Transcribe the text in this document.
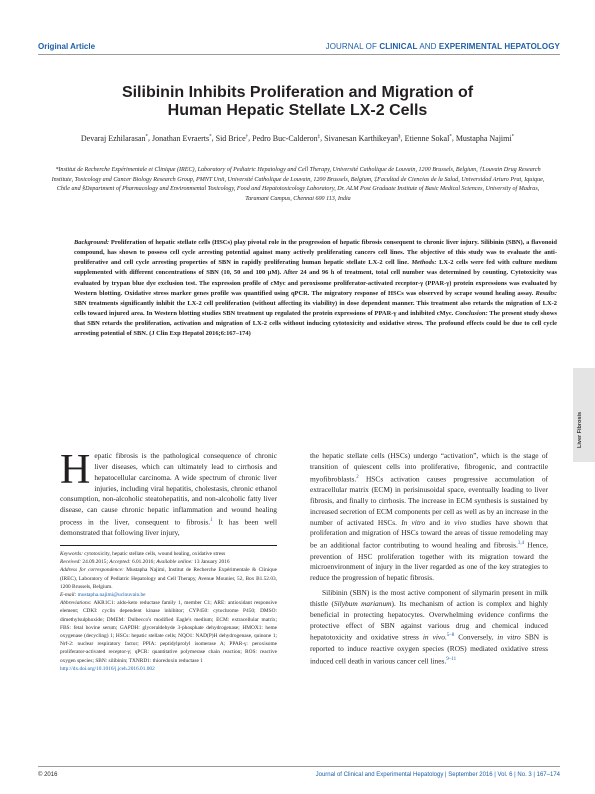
Original Article	JOURNAL OF CLINICAL AND EXPERIMENTAL HEPATOLOGY
Silibinin Inhibits Proliferation and Migration of
Human Hepatic Stellate LX-2 Cells
Devaraj Ezhilarasan*, Jonathan Evraerts*, Sid Brice†, Pedro Buc-Calderon‡, Sivanesan Karthikeyan§, Etienne Sokal*, Mustapha Najimi*
*Institut de Recherche Expérimentale et Clinique (IREC), Laboratory of Pediatric Hepatology and Cell Therapy, Université Catholique de Louvain, 1200 Brussels, Belgium, †Louvain Drug Research Institute, Toxicology and Cancer Biology Research Group, PMNT Unit, Université Catholique de Louvain, 1200 Brussels, Belgium, ‡Facultad de Ciencias de la Salud, Universidad Arturo Prat, Iquique, Chile and §Department of Pharmacology and Environmental Toxicology, Food and Hepatotoxicology Laboratory, Dr. ALM Post Graduate Institute of Basic Medical Sciences, University of Madras, Taramani Campus, Chennai 600 113, India
Background: Proliferation of hepatic stellate cells (HSCs) play pivotal role in the progression of hepatic fibrosis consequent to chronic liver injury. Silibinin (SBN), a flavonoid compound, has shown to possess cell cycle arresting potential against many actively proliferating cancers cell lines. The objective of this study was to evaluate the anti-proliferative and cell cycle arresting properties of SBN in rapidly proliferating human hepatic stellate LX-2 cell line. Methods: LX-2 cells were fed with culture medium supplemented with different concentrations of SBN (10, 50 and 100 μM). After 24 and 96 h of treatment, total cell number was determined by counting. Cytotoxicity was evaluated by trypan blue dye exclusion test. The expression profile of cMyc and peroxisome proliferator-activated receptor-γ (PPAR-γ) protein expressions was evaluated by Western blotting. Oxidative stress marker genes profile was quantified using qPCR. The migratory response of HSCs was observed by scrape wound healing assay. Results: SBN treatments significantly inhibit the LX-2 cell proliferation (without affecting its viability) in dose dependent manner. This treatment also retards the migration of LX-2 cells toward injured area. In Western blotting studies SBN treatment up regulated the protein expressions of PPAR-γ and inhibited cMyc. Conclusion: The present study shows that SBN retards the proliferation, activation and migration of LX-2 cells without inducing cytotoxicity and oxidative stress. The profound effects could be due to cell cycle arresting potential of SBN. (J Clin Exp Hepatol 2016;6:167–174)
Liver Fibrosis
Hepatic fibrosis is the pathological consequence of chronic liver diseases, which can ultimately lead to cirrhosis and hepatocellular carcinoma. A wide spectrum of chronic liver injuries, including viral hepatitis, cholestasis, chronic ethanol consumption, non-alcoholic steatohepatitis, and non-alcoholic fatty liver disease, can cause chronic hepatic inflammation and wound healing process in the liver, consequent to fibrosis.$^1$ It has been well demonstrated that following liver injury,
Keywords: cytotoxicity, hepatic stellate cells, wound healing, oxidative stress
Received: 24.09.2015; Accepted: 6.01.2016; Available online: 13 January 2016
Address for correspondence: Mustapha Najimi, Institut de Recherche Expérimentale & Clinique (IREC), Laboratory of Pediatric Hepatology and Cell Therapy, Avenue Mounier, 52, Box B1.52.03, 1200 Brussels, Belgium.
E-mail: mustapha.najimi@uclouvain.be
Abbreviations: AKR1C1: aldo-keto reductase family 1, member C1; ARE: antioxidant responsive element; CDKI: cyclin dependent kinase inhibitor; CYP450: cytochrome P450; DMSO: dimethylsulphoxide; DMEM: Dulbecco's modified Eagle's medium; ECM: extracellular matrix; FBS: fetal bovine serum; GAPDH: glyceraldehyde 3-phosphate dehydrogenase; HMOX1: heme oxygenase (decycling) 1; HSCs: hepatic stellate cells; NQO1: NAD(P)H dehydrogenase, quinone 1; Nrf-2: nuclear respiratory factor; PPIA: peptidylprolyl isomerase A; PPAR-γ: peroxisome proliferator-activated receptor-γ; qPCR: quantitative polymerase chain reaction; ROS: reactive oxygen species; SBN: silibinin; TXNRD1: thioredoxin reductase 1
http://dx.doi.org/10.1016/j.jceh.2016.01.002
the hepatic stellate cells (HSCs) undergo “activation”, which is the stage of transition of quiescent cells into proliferative, fibrogenic, and contractile myofibroblasts.$^2$ HSCs activation causes progressive accumulation of extracellular matrix (ECM) in perisinusoidal space, eventually leading to liver fibrosis, and finally to cirrhosis. The increase in ECM synthesis is sustained by increased secretion of ECM components per cell as well as by an increase in the number of activated HSCs. In vitro and in vivo studies have shown that proliferation and migration of HSCs toward the areas of tissue remodeling may be an additional factor contributing to wound healing and fibrosis.$^{3,4}$ Hence, prevention of HSC proliferation together with its migration toward the microenvironment of injury in the liver regarded as one of the key strategies to reduce the progression of hepatic fibrosis.
Silibinin (SBN) is the most active component of silymarin present in milk thistle (Silybum marianum). Its mechanism of action is complex and highly beneficial in protecting hepatocytes. Overwhelming evidence confirms the protective effect of SBN against various drug and chemical induced hepatotoxicity and oxidative stress in vivo.$^{5-8}$ Conversely, in vitro SBN is reported to induce reactive oxygen species (ROS) mediated oxidative stress induced cell death in various cancer cell lines.$^{9-11}$
© 2016	Journal of Clinical and Experimental Hepatology | September 2016 | Vol. 6 | No. 3 | 167–174
